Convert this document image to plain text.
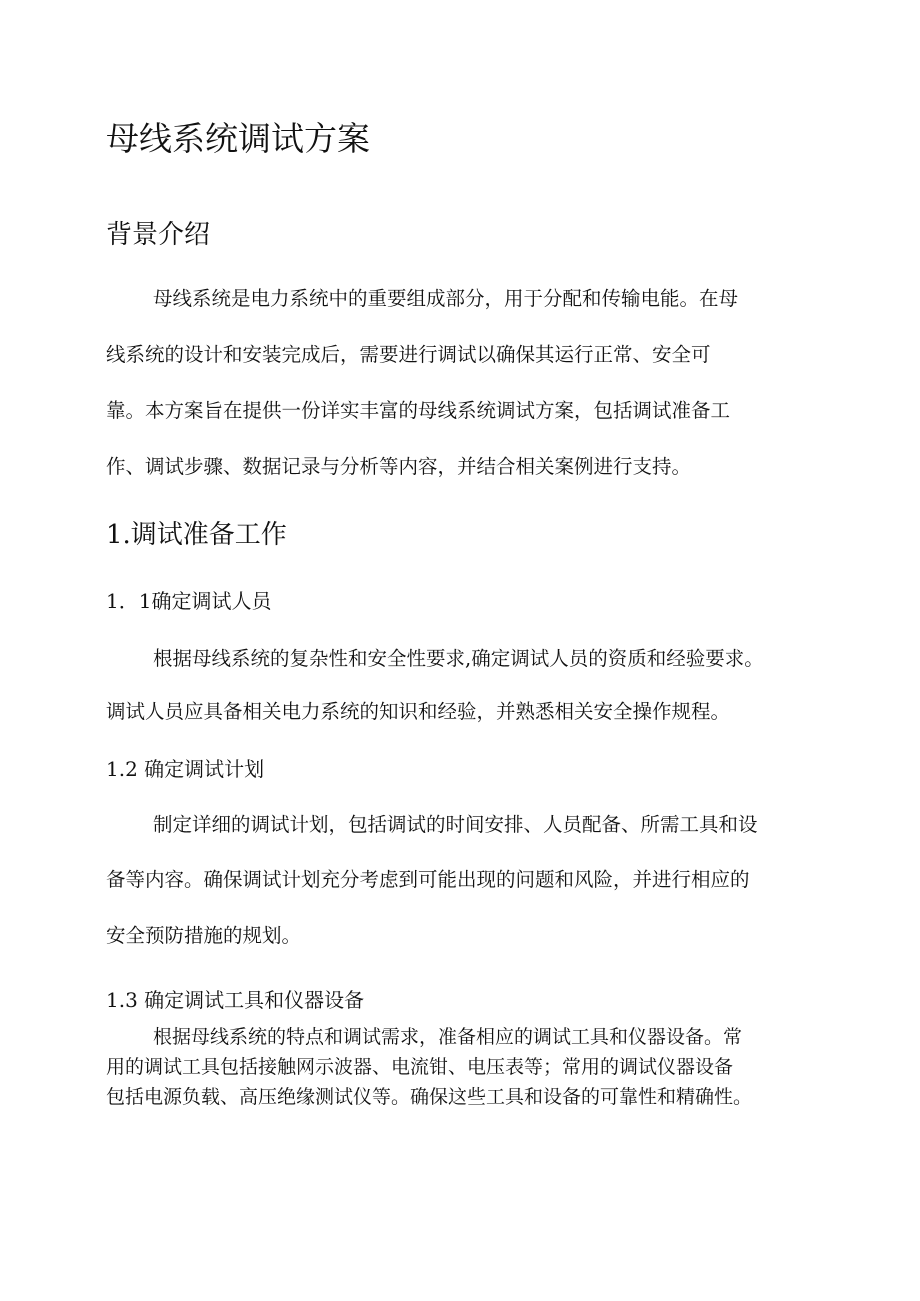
母线系统调试方案
背景介绍

母线系统是电力系统中的重要组成部分，用于分配和传输电能。在母

线系统的设计和安装完成后，需要进行调试以确保其运行正常、安全可

靠。本方案旨在提供一份详实丰富的母线系统调试方案，包括调试准备工

作、调试步骤、数据记录与分析等内容，并结合相关案例进行支持。

1.调试准备工作
1．1确定调试人员

根据母线系统的复杂性和安全性要求,确定调试人员的资质和经验要求。

调试人员应具备相关电力系统的知识和经验，并熟悉相关安全操作规程。

1.2 确定调试计划

制定详细的调试计划，包括调试的时间安排、人员配备、所需工具和设

备等内容。确保调试计划充分考虑到可能出现的问题和风险，并进行相应的

安全预防措施的规划。

1.3 确定调试工具和仪器设备

根据母线系统的特点和调试需求，准备相应的调试工具和仪器设备。常

用的调试工具包括接触网示波器、电流钳、电压表等；常用的调试仪器设备

包括电源负载、高压绝缘测试仪等。确保这些工具和设备的可靠性和精确性。
